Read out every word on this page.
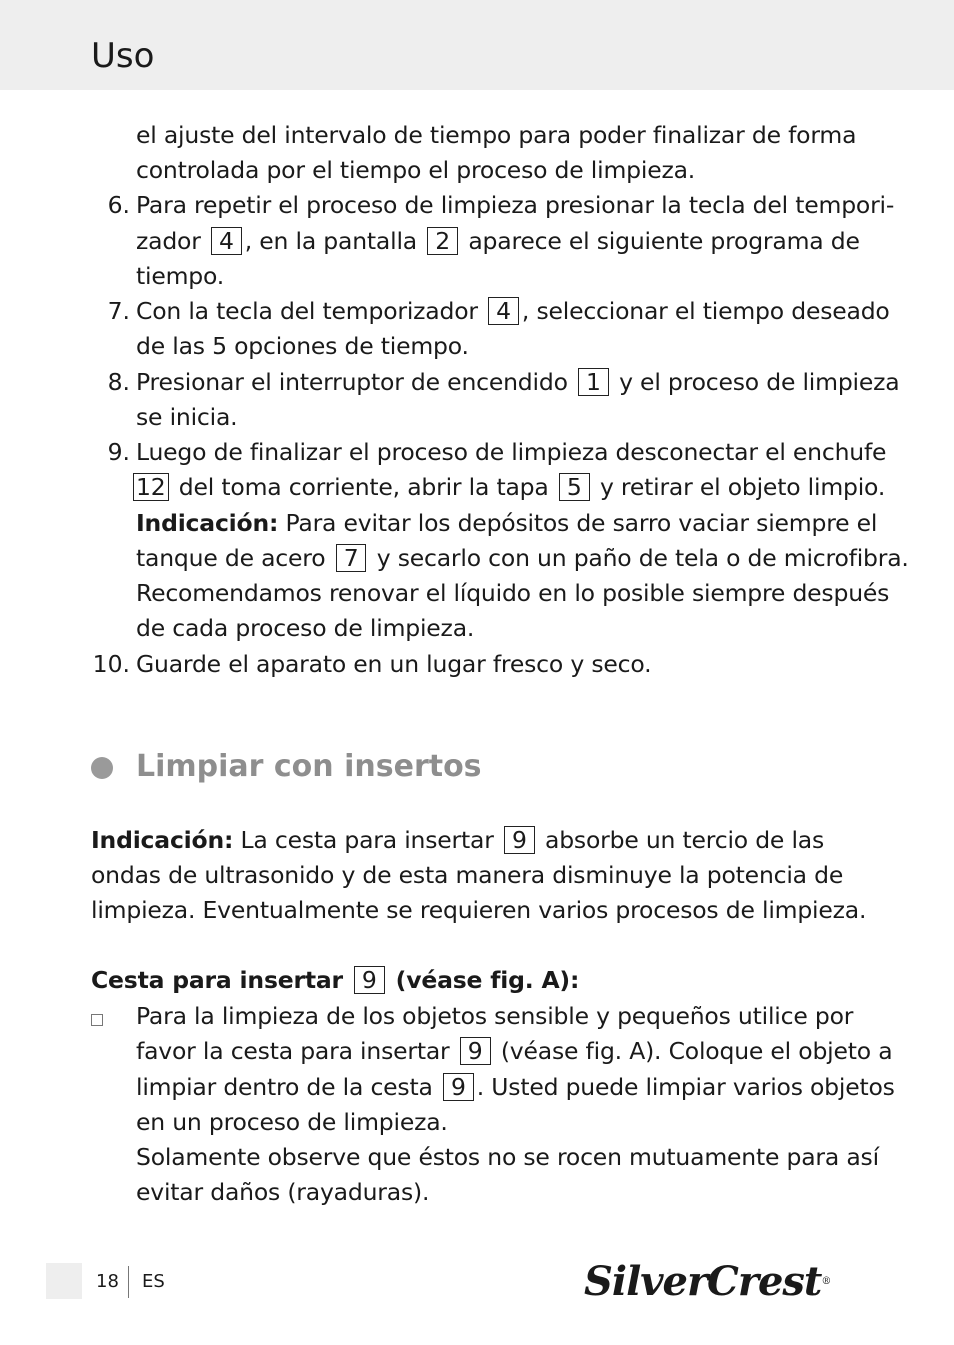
Uso
el ajuste del intervalo de tiempo para poder finalizar de forma
controlada por el tiempo el proceso de limpieza.
6. Para repetir el proceso de limpieza presionar la tecla del tempori-
zador 4 , en la pantalla 2 aparece el siguiente programa de
tiempo.
7. Con la tecla del temporizador 4 , seleccionar el tiempo deseado
de las 5 opciones de tiempo.
8. Presionar el interruptor de encendido 1 y el proceso de limpieza
se inicia.
9. Luego de finalizar el proceso de limpieza desconectar el enchufe
12 del toma corriente, abrir la tapa 5 y retirar el objeto limpio.
Indicación: Para evitar los depósitos de sarro vaciar siempre el
tanque de acero 7 y secarlo con un paño de tela o de microfibra.
Recomendamos renovar el líquido en lo posible siempre después
de cada proceso de limpieza.
10. Guarde el aparato en un lugar fresco y seco.
Limpiar con insertos
Indicación: La cesta para insertar 9 absorbe un tercio de las
ondas de ultrasonido y de esta manera disminuye la potencia de
limpieza. Eventualmente se requieren varios procesos de limpieza.
Cesta para insertar 9 (véase fig. A):
Para la limpieza de los objetos sensible y pequeños utilice por
favor la cesta para insertar 9 (véase fig. A). Coloque el objeto a
limpiar dentro de la cesta 9 . Usted puede limpiar varios objetos
en un proceso de limpieza.
Solamente observe que éstos no se rocen mutuamente para así
evitar daños (rayaduras).
18 ES	SilverCrest®
